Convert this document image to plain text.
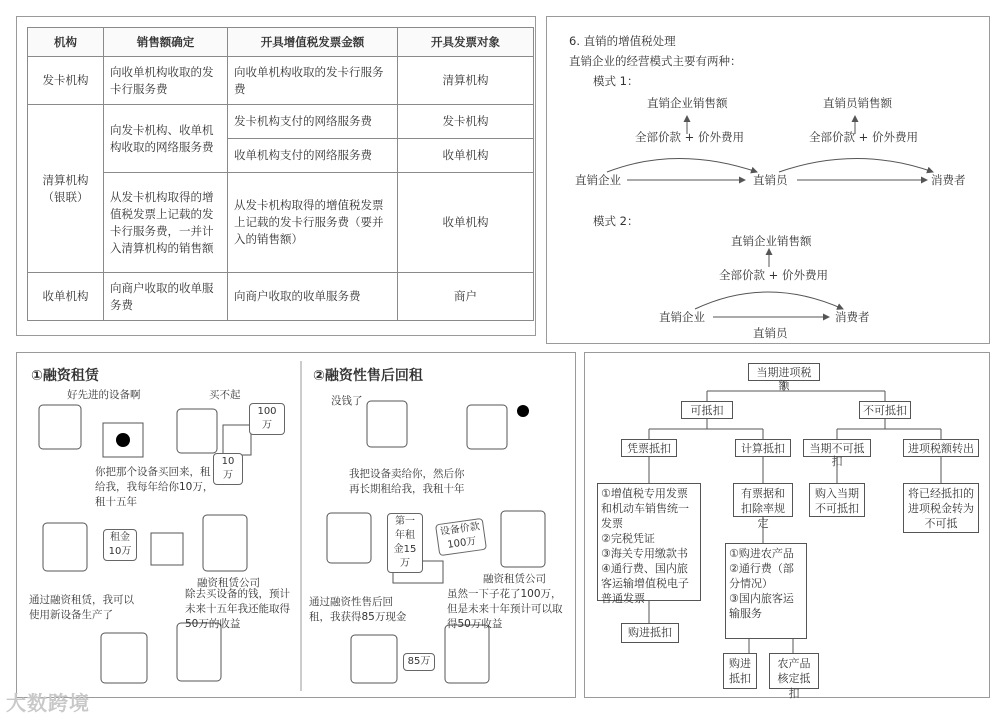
机构	销售额确定	开具增值税发票金额	开具发票对象
发卡机构	向收单机构收取的发卡行服务费	向收单机构收取的发卡行服务费	清算机构
清算机构（银联）	向发卡机构、收单机构收取的网络服务费	发卡机构支付的网络服务费	发卡机构
		收单机构支付的网络服务费	收单机构
	从发卡机构取得的增值税发票上记载的发卡行服务费，一并计入清算机构的销售额	从发卡机构取得的增值税发票上记载的发卡行服务费（要并入的销售额）	收单机构
收单机构	向商户收取的收单服务费	向商户收取的收单服务费	商户
6. 直销的增值税处理
直销企业的经营模式主要有两种：
模式 1：
直销企业销售额	直销员销售额
全部价款 + 价外费用	全部价款 + 价外费用
直销企业	直销员	消费者
模式 2：
直销企业销售额
全部价款 + 价外费用
直销企业	消费者
直销员
①融资租赁	②融资性售后回租
好先进的设备啊	买不起
100万
10万
你把那个设备买回来，租给我，我每年给你10万，租十五年
租金10万
融资租赁公司
通过融资租赁，我可以使用新设备生产了
除去买设备的钱，预计未来十五年我还能取得50万的收益
没钱了
我把设备卖给你，然后你再长期租给我，我租十年
第一年租金15万
设备价款100万
融资租赁公司
通过融资性售后回租，我获得85万现金
虽然一下子花了100万，但是未来十年预计可以取得50万收益
85万
当期进项税额
可抵扣	不可抵扣
凭票抵扣	计算抵扣	当期不可抵扣
进项税额转出
①增值税专用发票和机动车销售统一发票
②完税凭证
③海关专用缴款书
④通行费、国内旅客运输增值税电子普通发票
有票据和扣除率规定
购入当期不可抵扣
将已经抵扣的进项税金转为不可抵
①购进农产品
②通行费（部分情况）
③国内旅客运输服务
购进抵扣
购进抵扣
农产品核定抵扣
大数跨境
